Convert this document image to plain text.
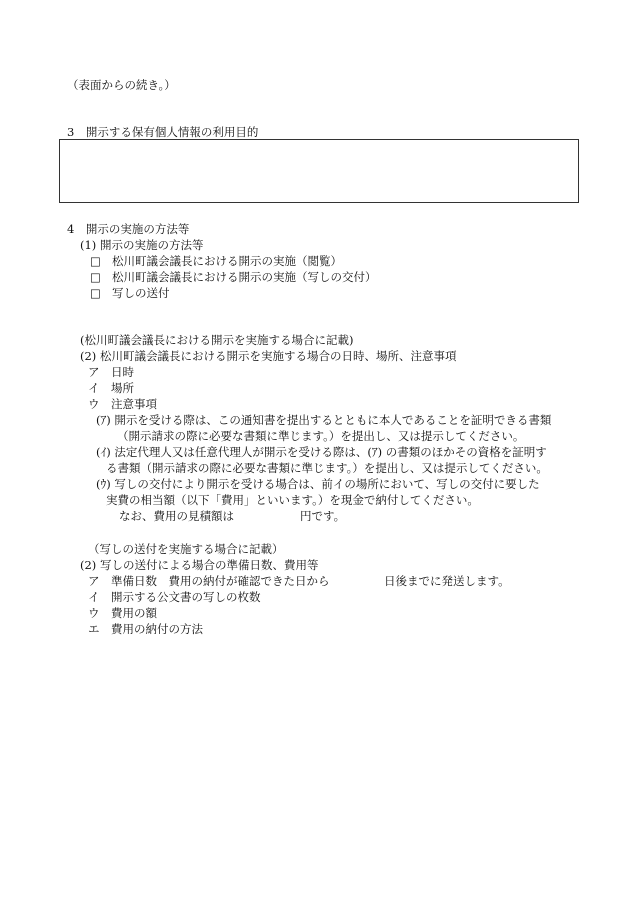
（表面からの続き。）
3　開示する保有個人情報の利用目的
4　開示の実施の方法等
(1) 開示の実施の方法等
□ 松川町議会議長における開示の実施（閲覧）
□ 松川町議会議長における開示の実施（写しの交付）
□ 写しの送付
(松川町議会議長における開示を実施する場合に記載)
(2) 松川町議会議長における開示を実施する場合の日時、場所、注意事項
ア　日時
イ　場所
ウ　注意事項
(ｱ) 開示を受ける際は、この通知書を提出するとともに本人であることを証明できる書類
（開示請求の際に必要な書類に準じます。）を提出し、又は提示してください。
(ｲ) 法定代理人又は任意代理人が開示を受ける際は、(ｱ) の書類のほかその資格を証明す
る書類（開示請求の際に必要な書類に準じます。）を提出し、又は提示してください。
(ｳ) 写しの交付により開示を受ける場合は、前イの場所において、写しの交付に要した
実費の相当額（以下「費用」といいます。）を現金で納付してください。
なお、費用の見積額は	円です。
（写しの送付を実施する場合に記載）
(2) 写しの送付による場合の準備日数、費用等
ア　準備日数　費用の納付が確認できた日から	日後までに発送します。
イ　開示する公文書の写しの枚数
ウ　費用の額
エ　費用の納付の方法
